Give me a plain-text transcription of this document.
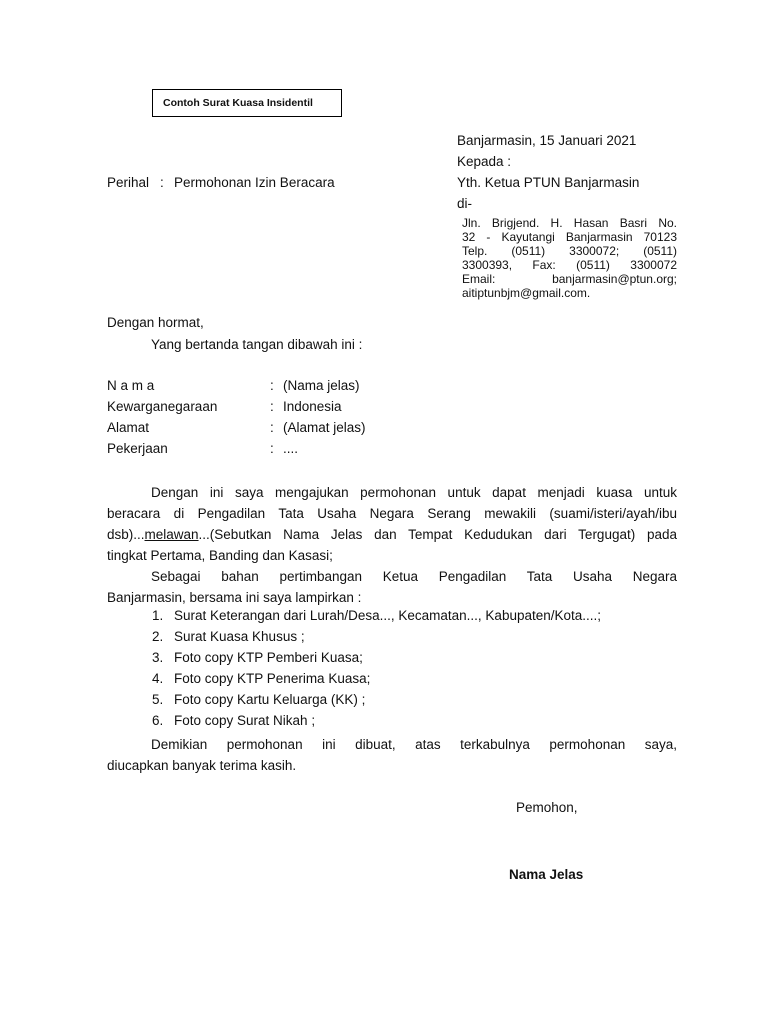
Contoh Surat Kuasa Insidentil
Banjarmasin, 15 Januari 2021
Kepada :
Perihal : Permohonan Izin Beracara	Yth. Ketua PTUN Banjarmasin
di-
Jln. Brigjend. H. Hasan Basri No.
32 - Kayutangi Banjarmasin 70123
Telp. (0511) 3300072; (0511)
3300393, Fax: (0511) 3300072
Email: banjarmasin@ptun.org;
aitiptunbjm@gmail.com.
Dengan hormat,
Yang bertanda tangan dibawah ini :
N a m a	: (Nama jelas)
Kewarganegaraan	: Indonesia
Alamat	: (Alamat jelas)
Pekerjaan	: ....
Dengan ini saya mengajukan permohonan untuk dapat menjadi kuasa untuk
beracara di Pengadilan Tata Usaha Negara Serang mewakili (suami/isteri/ayah/ibu
dsb)...melawan...(Sebutkan Nama Jelas dan Tempat Kedudukan dari Tergugat) pada
tingkat Pertama, Banding dan Kasasi;
Sebagai bahan pertimbangan Ketua Pengadilan Tata Usaha Negara
Banjarmasin, bersama ini saya lampirkan :
1. Surat Keterangan dari Lurah/Desa..., Kecamatan..., Kabupaten/Kota....;
2. Surat Kuasa Khusus ;
3. Foto copy KTP Pemberi Kuasa;
4. Foto copy KTP Penerima Kuasa;
5. Foto copy Kartu Keluarga (KK) ;
6. Foto copy Surat Nikah ;
Demikian permohonan ini dibuat, atas terkabulnya permohonan saya,
diucapkan banyak terima kasih.
Pemohon,
Nama Jelas
